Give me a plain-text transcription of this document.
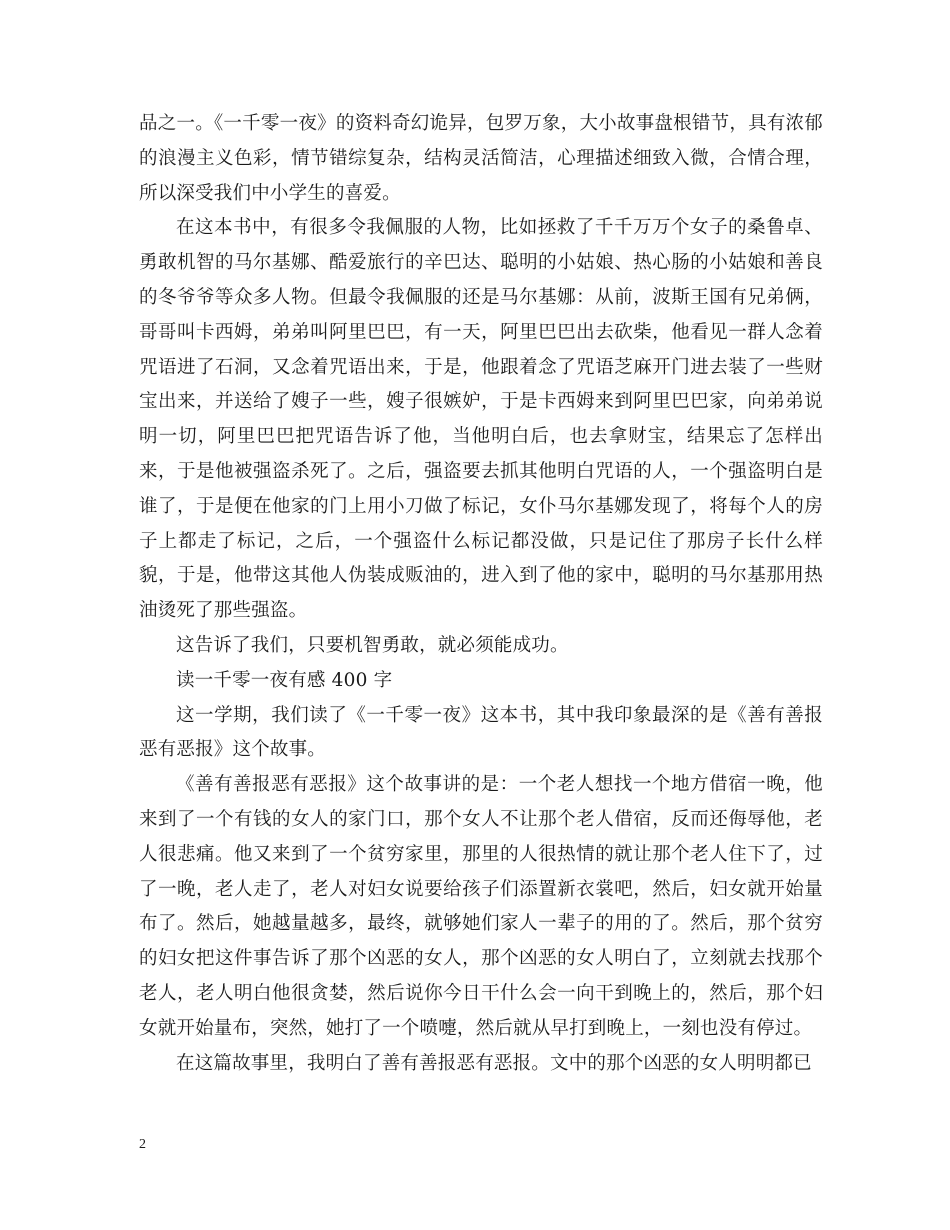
品之一。《一千零一夜》的资料奇幻诡异，包罗万象，大小故事盘根错节，具有浓郁的浪漫主义色彩，情节错综复杂，结构灵活简洁，心理描述细致入微，合情合理，所以深受我们中小学生的喜爱。

在这本书中，有很多令我佩服的人物，比如拯救了千千万万个女子的桑鲁卓、勇敢机智的马尔基娜、酷爱旅行的辛巴达、聪明的小姑娘、热心肠的小姑娘和善良的冬爷爷等众多人物。但最令我佩服的还是马尔基娜：从前，波斯王国有兄弟俩，哥哥叫卡西姆，弟弟叫阿里巴巴，有一天，阿里巴巴出去砍柴，他看见一群人念着咒语进了石洞，又念着咒语出来，于是，他跟着念了咒语芝麻开门进去装了一些财宝出来，并送给了嫂子一些，嫂子很嫉妒，于是卡西姆来到阿里巴巴家，向弟弟说明一切，阿里巴巴把咒语告诉了他，当他明白后，也去拿财宝，结果忘了怎样出来，于是他被强盗杀死了。之后，强盗要去抓其他明白咒语的人，一个强盗明白是谁了，于是便在他家的门上用小刀做了标记，女仆马尔基娜发现了，将每个人的房子上都走了标记，之后，一个强盗什么标记都没做，只是记住了那房子长什么样貌，于是，他带这其他人伪装成贩油的，进入到了他的家中，聪明的马尔基那用热油烫死了那些强盗。

这告诉了我们，只要机智勇敢，就必须能成功。

读一千零一夜有感 400 字

这一学期，我们读了《一千零一夜》这本书，其中我印象最深的是《善有善报恶有恶报》这个故事。

《善有善报恶有恶报》这个故事讲的是：一个老人想找一个地方借宿一晚，他来到了一个有钱的女人的家门口，那个女人不让那个老人借宿，反而还侮辱他，老人很悲痛。他又来到了一个贫穷家里，那里的人很热情的就让那个老人住下了，过了一晚，老人走了，老人对妇女说要给孩子们添置新衣裳吧，然后，妇女就开始量布了。然后，她越量越多，最终，就够她们家人一辈子的用的了。然后，那个贫穷的妇女把这件事告诉了那个凶恶的女人，那个凶恶的女人明白了，立刻就去找那个老人，老人明白他很贪婪，然后说你今日干什么会一向干到晚上的，然后，那个妇女就开始量布，突然，她打了一个喷嚏，然后就从早打到晚上，一刻也没有停过。

在这篇故事里，我明白了善有善报恶有恶报。文中的那个凶恶的女人明明都已

2
